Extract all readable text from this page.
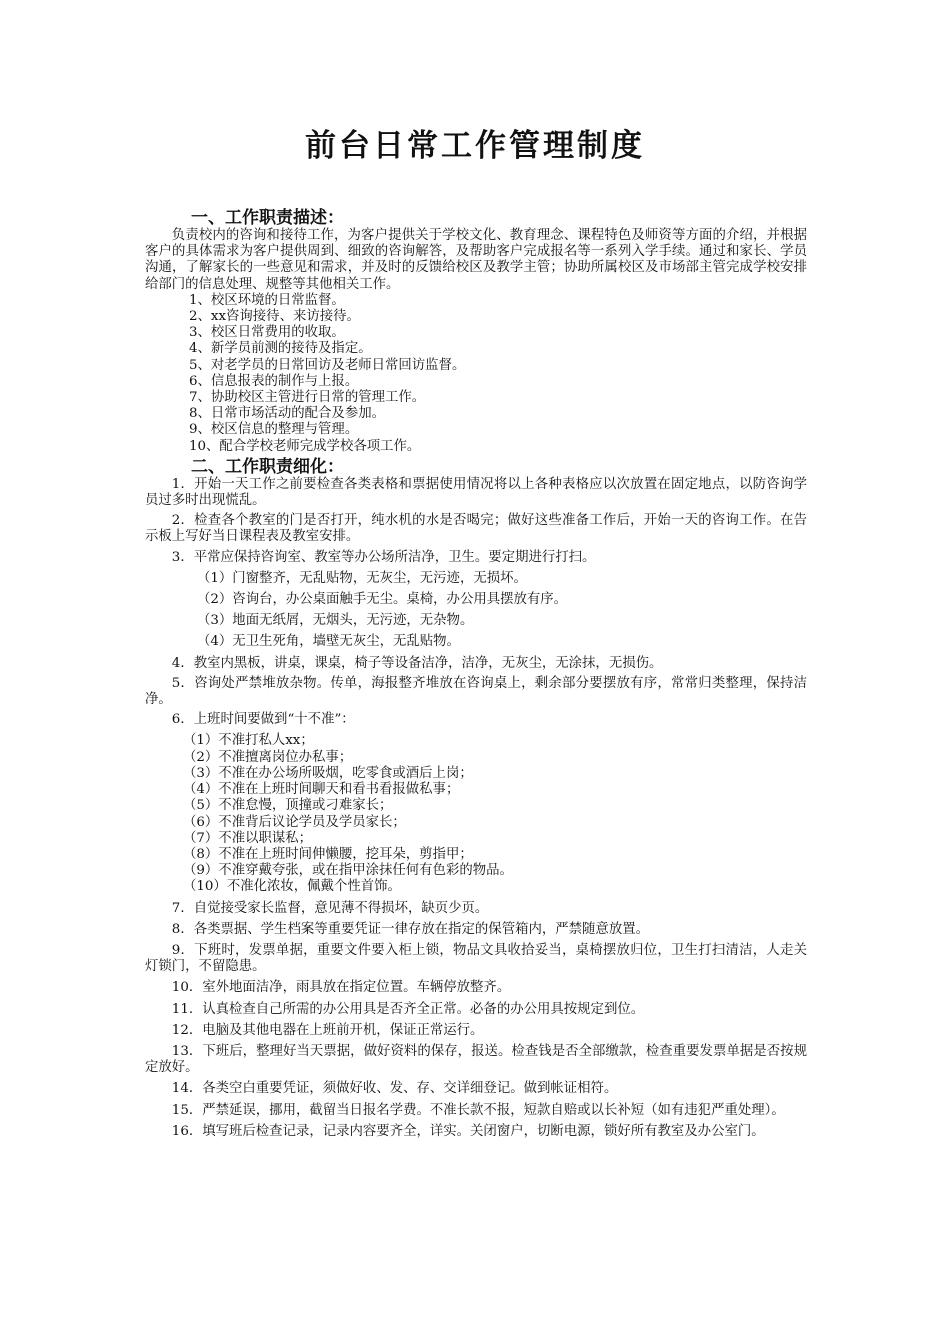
前台日常工作管理制度
一、工作职责描述：

负责校内的咨询和接待工作，为客户提供关于学校文化、教育理念、课程特色及师资等方面的介绍，并根据客户的具体需求为客户提供周到、细致的咨询解答，及帮助客户完成报名等一系列入学手续。通过和家长、学员沟通，了解家长的一些意见和需求，并及时的反馈给校区及教学主管；协助所属校区及市场部主管完成学校安排给部门的信息处理、规整等其他相关工作。

1、校区环境的日常监督。

2、xx咨询接待、来访接待。

3、校区日常费用的收取。

4、新学员前测的接待及指定。

5、对老学员的日常回访及老师日常回访监督。

6、信息报表的制作与上报。

7、协助校区主管进行日常的管理工作。

8、日常市场活动的配合及参加。

9、校区信息的整理与管理。

10、配合学校老师完成学校各项工作。

二、工作职责细化：

1．开始一天工作之前要检查各类表格和票据使用情况将以上各种表格应以次放置在固定地点，以防咨询学员过多时出现慌乱。

2．检查各个教室的门是否打开，纯水机的水是否喝完；做好这些准备工作后，开始一天的咨询工作。在告示板上写好当日课程表及教室安排。

3．平常应保持咨询室、教室等办公场所洁净，卫生。要定期进行打扫。

（1）门窗整齐，无乱贴物，无灰尘，无污迹，无损坏。

（2）咨询台，办公桌面触手无尘。桌椅，办公用具摆放有序。

（3）地面无纸屑，无烟头，无污迹，无杂物。

（4）无卫生死角，墙壁无灰尘，无乱贴物。

4．教室内黑板，讲桌，课桌，椅子等设备洁净，洁净，无灰尘，无涂抹，无损伤。

5．咨询处严禁堆放杂物。传单，海报整齐堆放在咨询桌上，剩余部分要摆放有序，常常归类整理，保持洁净。

6．上班时间要做到“十不准”：

（1）不准打私人xx；

（2）不准擅离岗位办私事；

（3）不准在办公场所吸烟，吃零食或酒后上岗；

（4）不准在上班时间聊天和看书看报做私事；

（5）不准怠慢，顶撞或刁难家长；

（6）不准背后议论学员及学员家长；

（7）不准以职谋私；

（8）不准在上班时间伸懒腰，挖耳朵，剪指甲；

（9）不准穿戴夸张，或在指甲涂抹任何有色彩的物品。

（10）不准化浓妆，佩戴个性首饰。

7．自觉接受家长监督，意见薄不得损坏，缺页少页。

8．各类票据、学生档案等重要凭证一律存放在指定的保管箱内，严禁随意放置。

9．下班时，发票单据，重要文件要入柜上锁，物品文具收拾妥当，桌椅摆放归位，卫生打扫清洁，人走关灯锁门，不留隐患。

10．室外地面洁净，雨具放在指定位置。车辆停放整齐。

11．认真检查自己所需的办公用具是否齐全正常。必备的办公用具按规定到位。

12．电脑及其他电器在上班前开机，保证正常运行。

13．下班后，整理好当天票据，做好资料的保存，报送。检查钱是否全部缴款，检查重要发票单据是否按规定放好。

14．各类空白重要凭证，须做好收、发、存、交详细登记。做到帐证相符。

15．严禁延误，挪用，截留当日报名学费。不准长款不报，短款自赔或以长补短（如有违犯严重处理）。

16．填写班后检查记录，记录内容要齐全，详实。关闭窗户，切断电源，锁好所有教室及办公室门。
